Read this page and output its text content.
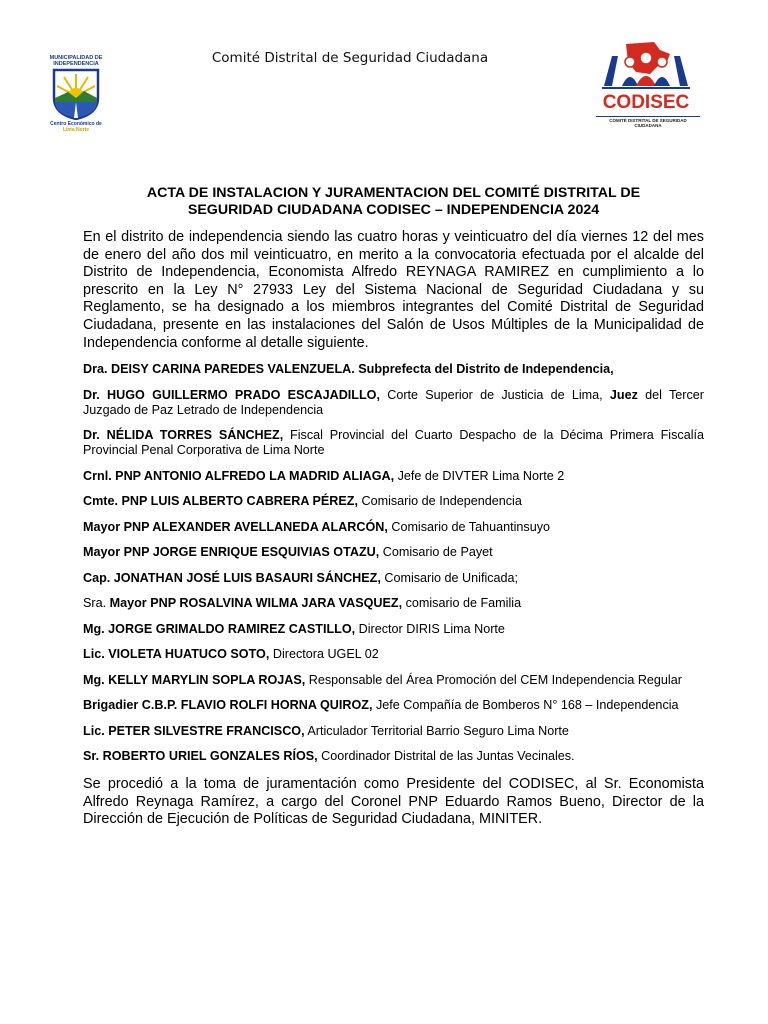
Comité Distrital de Seguridad Ciudadana
MUNICIPALIDAD DE
INDEPENDENCIA
Centro Económico de
Lima Norte
CODISEC
COMITÉ DISTRITAL DE SEGURIDAD CIUDADANA
ACTA DE INSTALACION Y JURAMENTACION DEL COMITÉ DISTRITAL DE
SEGURIDAD CIUDADANA CODISEC – INDEPENDENCIA 2024

En el distrito de independencia siendo las cuatro horas y veinticuatro del día viernes 12 del mes de enero del año dos mil veinticuatro, en merito a la convocatoria efectuada por el alcalde del Distrito de Independencia, Economista Alfredo REYNAGA RAMIREZ en cumplimiento a lo prescrito en la Ley N° 27933 Ley del Sistema Nacional de Seguridad Ciudadana y su Reglamento, se ha designado a los miembros integrantes del Comité Distrital de Seguridad Ciudadana, presente en las instalaciones del Salón de Usos Múltiples de la Municipalidad de Independencia conforme al detalle siguiente.

Dra. DEISY CARINA PAREDES VALENZUELA. Subprefecta del Distrito de Independencia,

Dr. HUGO GUILLERMO PRADO ESCAJADILLO, Corte Superior de Justicia de Lima, Juez del Tercer Juzgado de Paz Letrado de Independencia

Dr. NÉLIDA TORRES SÁNCHEZ, Fiscal Provincial del Cuarto Despacho de la Décima Primera Fiscalía Provincial Penal Corporativa de Lima Norte

Crnl. PNP ANTONIO ALFREDO LA MADRID ALIAGA, Jefe de DIVTER Lima Norte 2

Cmte. PNP LUIS ALBERTO CABRERA PÉREZ, Comisario de Independencia

Mayor PNP ALEXANDER AVELLANEDA ALARCÓN, Comisario de Tahuantinsuyo

Mayor PNP JORGE ENRIQUE ESQUIVIAS OTAZU, Comisario de Payet

Cap. JONATHAN JOSÉ LUIS BASAURI SÁNCHEZ, Comisario de Unificada;

Sra. Mayor PNP ROSALVINA WILMA JARA VASQUEZ, comisario de Familia

Mg. JORGE GRIMALDO RAMIREZ CASTILLO, Director DIRIS Lima Norte

Lic. VIOLETA HUATUCO SOTO, Directora UGEL 02

Mg. KELLY MARYLIN SOPLA ROJAS, Responsable del Área Promoción del CEM Independencia Regular

Brigadier C.B.P. FLAVIO ROLFI HORNA QUIROZ, Jefe Compañía de Bomberos N° 168 – Independencia

Lic. PETER SILVESTRE FRANCISCO, Articulador Territorial Barrio Seguro Lima Norte

Sr. ROBERTO URIEL GONZALES RÍOS, Coordinador Distrital de las Juntas Vecinales.

Se procedió a la toma de juramentación como Presidente del CODISEC, al Sr. Economista Alfredo Reynaga Ramírez, a cargo del Coronel PNP Eduardo Ramos Bueno, Director de la Dirección de Ejecución de Políticas de Seguridad Ciudadana, MINITER.
